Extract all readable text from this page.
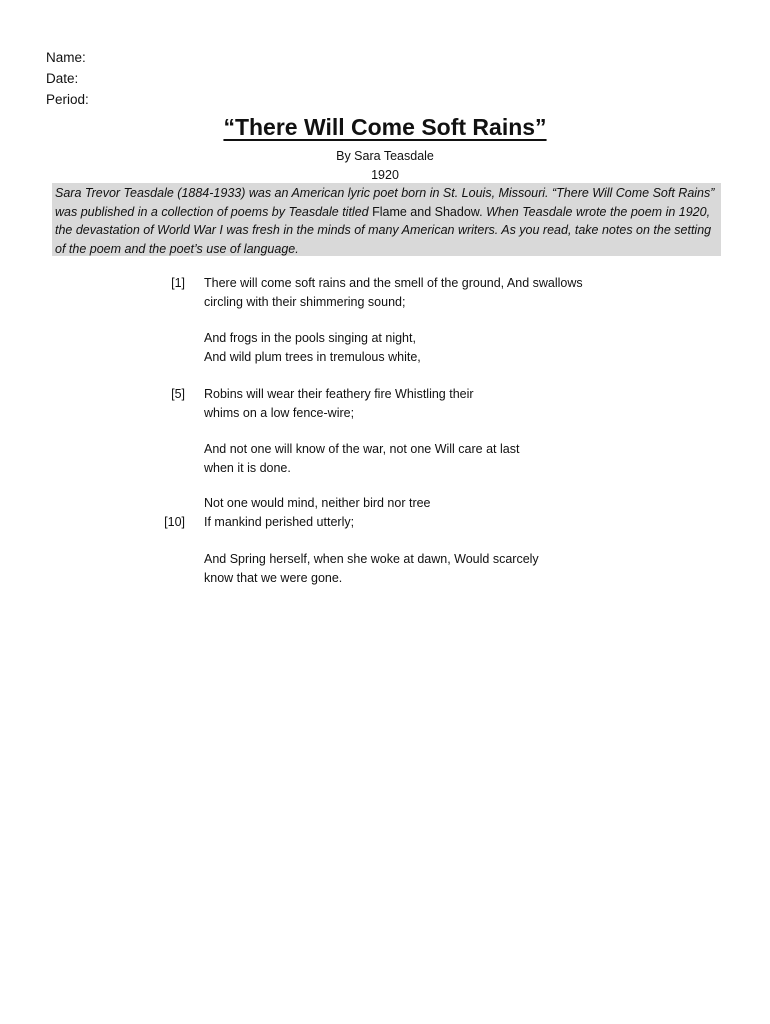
Name:
Date:
Period:
“There Will Come Soft Rains”
By Sara Teasdale
1920
Sara Trevor Teasdale (1884-1933) was an American lyric poet born in St. Louis, Missouri. “There Will Come Soft Rains” was published in a collection of poems by Teasdale titled Flame and Shadow. When Teasdale wrote the poem in 1920, the devastation of World War I was fresh in the minds of many American writers. As you read, take notes on the setting of the poem and the poet’s use of language.
[1] There will come soft rains and the smell of the ground, And swallows
circling with their shimmering sound;
And frogs in the pools singing at night,
And wild plum trees in tremulous white,
[5] Robins will wear their feathery fire Whistling their
whims on a low fence-wire;
And not one will know of the war, not one Will care at last
when it is done.
Not one would mind, neither bird nor tree
[10] If mankind perished utterly;
And Spring herself, when she woke at dawn, Would scarcely
know that we were gone.
